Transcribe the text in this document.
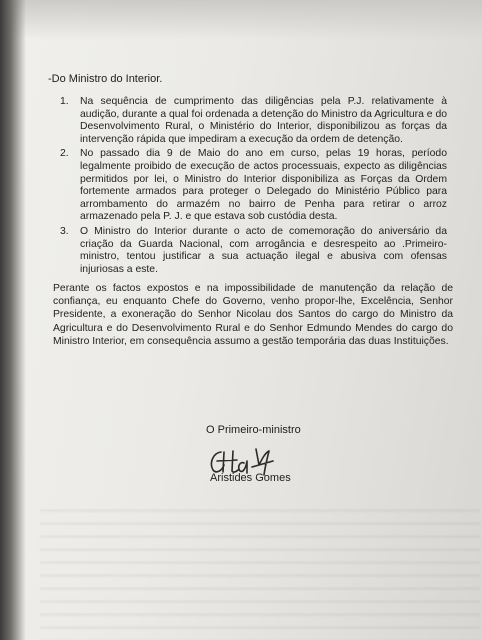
-Do Ministro do Interior.
1. Na sequência de cumprimento das diligências pela P.J. relativamente à audição, durante a qual foi ordenada a detenção do Ministro da Agricultura e do Desenvolvimento Rural, o Ministério do Interior, disponibilizou as forças da intervenção rápida que impediram a execução da ordem de detenção.
2. No passado dia 9 de Maio do ano em curso, pelas 19 horas, período legalmente proibido de execução de actos processuais, expecto as diligências permitidos por lei, o Ministro do Interior disponibiliza as Forças da Ordem fortemente armados para proteger o Delegado do Ministério Público para arrombamento do armazém no bairro de Penha para retirar o arroz armazenado pela P. J. e que estava sob custódia desta.
3. O Ministro do Interior durante o acto de comemoração do aniversário da criação da Guarda Nacional, com arrogância e desrespeito ao .Primeiro-ministro, tentou justificar a sua actuação ilegal e abusiva com ofensas injuriosas a este.
Perante os factos expostos e na impossibilidade de manutenção da relação de confiança, eu enquanto Chefe do Governo, venho propor-lhe, Excelência, Senhor Presidente, a exoneração do Senhor Nicolau dos Santos do cargo do Ministro da Agricultura e do Desenvolvimento Rural e do Senhor Edmundo Mendes do cargo do Ministro Interior, em consequência assumo a gestão temporária das duas Instituições.
O Primeiro-ministro
Aristides Gomes
